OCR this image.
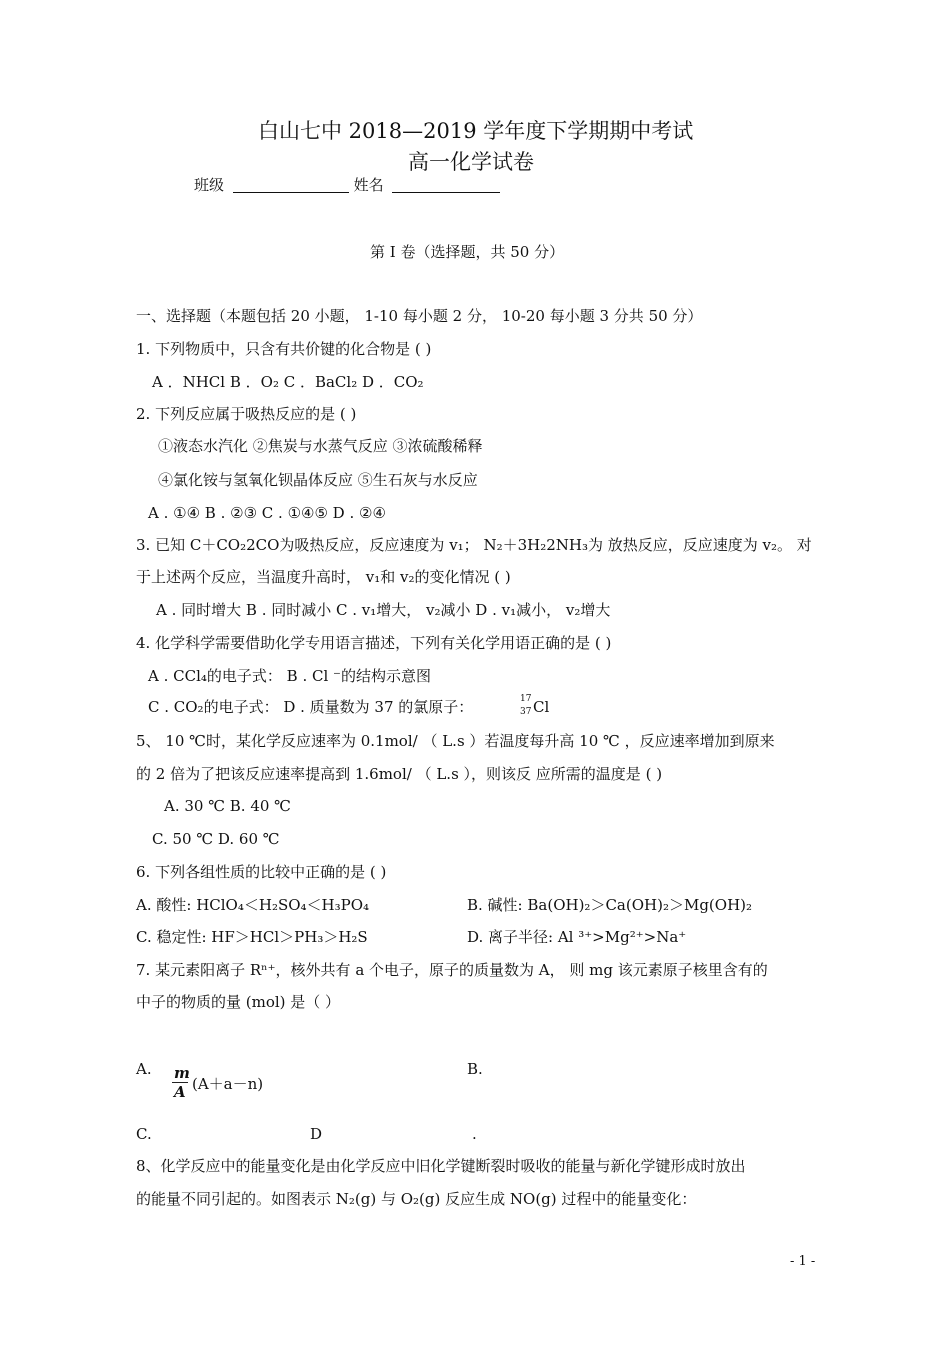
白山七中 2018—2019 学年度下学期期中考试
高一化学试卷
班级	姓名
第 I 卷（选择题，共 50 分）
一、选择题（本题包括 20 小题， 1-10 每小题 2 分， 10-20 每小题 3 分共 50 分）
1. 下列物质中，只含有共价键的化合物是 ( )
A ．NHCl B ．O₂ C ．BaCl₂ D ．CO₂
2. 下列反应属于吸热反应的是 ( )
①液态水汽化 ②焦炭与水蒸气反应 ③浓硫酸稀释
④氯化铵与氢氧化钡晶体反应 ⑤生石灰与水反应
A . ①④ B . ②③ C . ①④⑤ D . ②④
3. 已知 C＋CO₂2CO为吸热反应，反应速度为 v₁； N₂＋3H₂2NH₃为 放热反应，反应速度为 v₂。 对
于上述两个反应，当温度升高时， v₁和 v₂的变化情况 ( )
A . 同时增大 B . 同时减小 C . v₁增大， v₂减小 D . v₁减小， v₂增大
4. 化学科学需要借助化学专用语言描述，下列有关化学用语正确的是 ( )
A . CCl₄的电子式： B . Cl ⁻的结构示意图
C . CO₂的电子式： D . 质量数为 37 的氯原子：	17
37 Cl
5、 10 ℃时，某化学反应速率为 0.1mol/ （ L.s ）若温度每升高 10 ℃ ，反应速率增加到原来
的 2 倍为了把该反应速率提高到 1.6mol/ （ L.s ），则该反 应所需的温度是 ( )
A. 30 ℃ B. 40 ℃
C. 50 ℃ D. 60 ℃
6. 下列各组性质的比较中正确的是 ( )
A. 酸性: HClO₄＜H₂SO₄＜H₃PO₄	B. 碱性: Ba(OH)₂＞Ca(OH)₂＞Mg(OH)₂
C. 稳定性: HF＞HCl＞PH₃＞H₂S	D. 离子半径: Al ³⁺>Mg²⁺>Na⁺
7. 某元素阳离子 Rⁿ⁺，核外共有 a 个电子，原子的质量数为 A， 则 mg 该元素原子核里含有的
中子的物质的量 (mol) 是（ ）
A.	B.
m
A (A＋a－n)
C.	D	.
8、化学反应中的能量变化是由化学反应中旧化学键断裂时吸收的能量与新化学键形成时放出
的能量不同引起的。如图表示 N₂(g) 与 O₂(g) 反应生成 NO(g) 过程中的能量变化：
- 1 -
